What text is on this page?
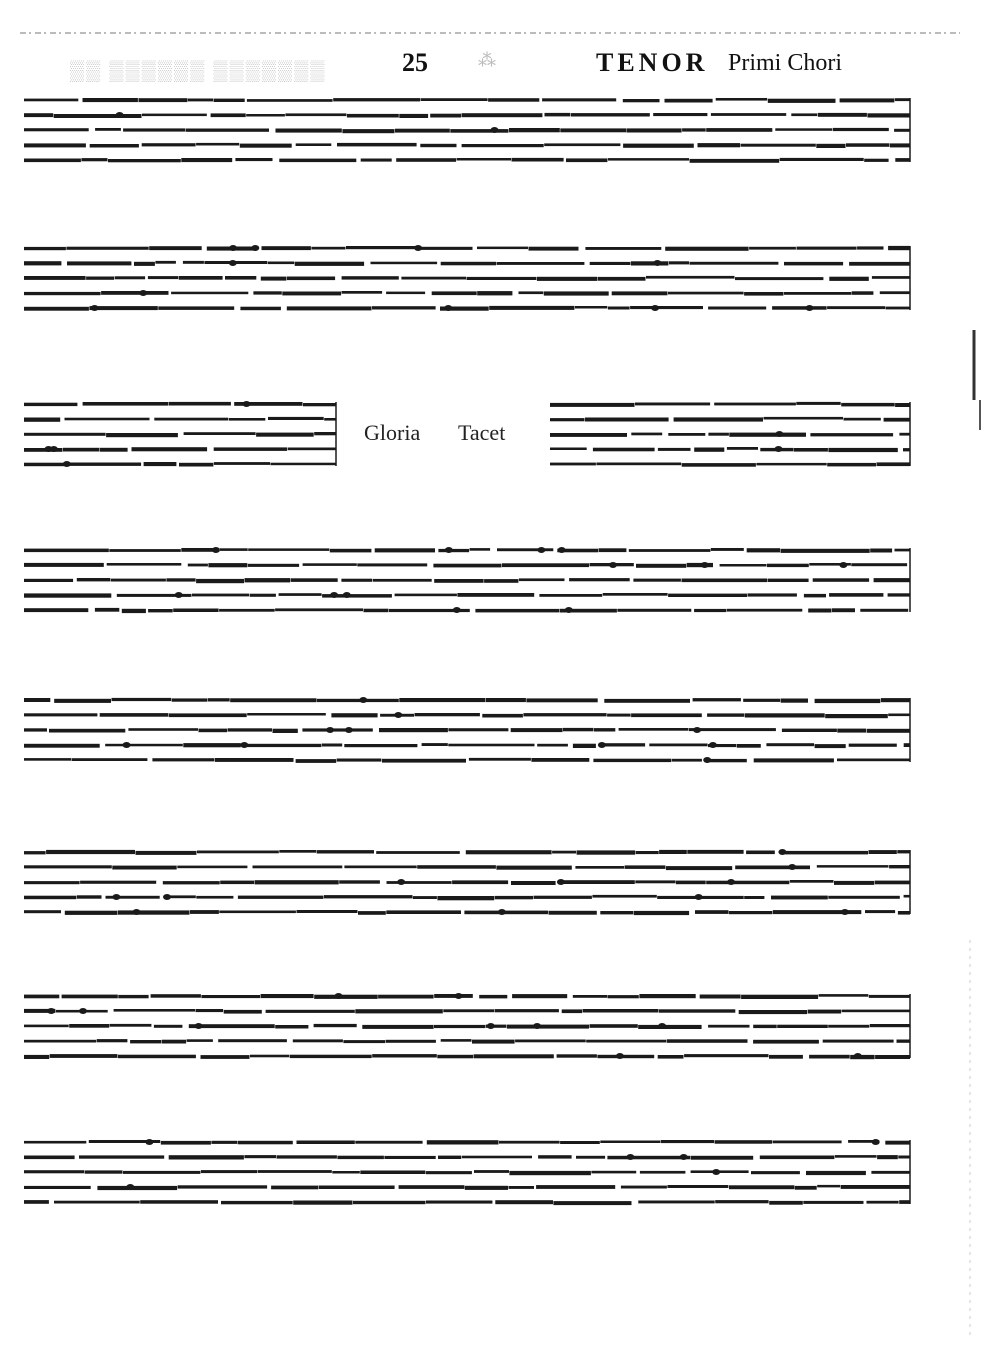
▒▒ ▒▒▒▒▒▒ ▒▒▒▒▒▒▒	25	⁂	TENOR Primi Chori
Gloria Tacet
